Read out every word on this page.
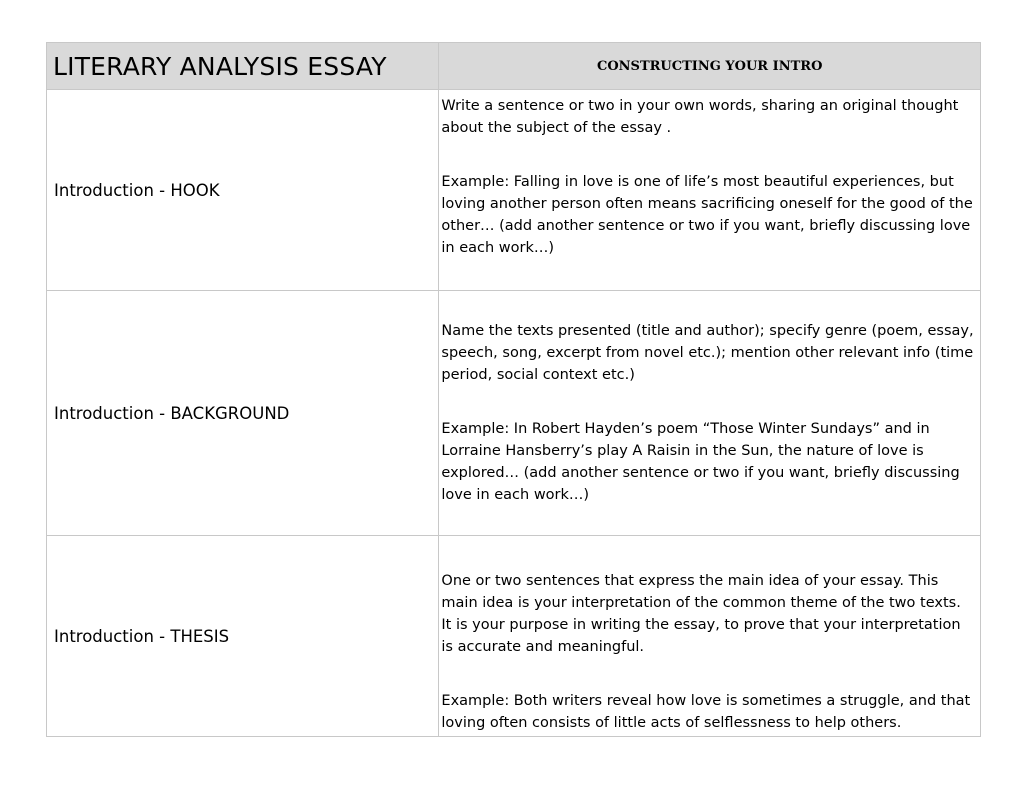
LITERARY ANALYSIS ESSAY	CONSTRUCTING YOUR INTRO
Introduction - HOOK	Write a sentence or two in your own words, sharing an original thought about the subject of the essay .

Example: Falling in love is one of life’s most beautiful experiences, but loving another person often means sacrificing oneself for the good of the other… (add another sentence or two if you want, briefly discussing love in each work…)

Introduction - BACKGROUND	Name the texts presented (title and author); specify genre (poem, essay, speech, song, excerpt from novel etc.); mention other relevant info (time period, social context etc.)

Example: In Robert Hayden’s poem “Those Winter Sundays” and in Lorraine Hansberry’s play A Raisin in the Sun, the nature of love is explored… (add another sentence or two if you want, briefly discussing love in each work…)

Introduction - THESIS	One or two sentences that express the main idea of your essay. This main idea is your interpretation of the common theme of the two texts. It is your purpose in writing the essay, to prove that your interpretation is accurate and meaningful.

Example: Both writers reveal how love is sometimes a struggle, and that loving often consists of little acts of selflessness to help others.
